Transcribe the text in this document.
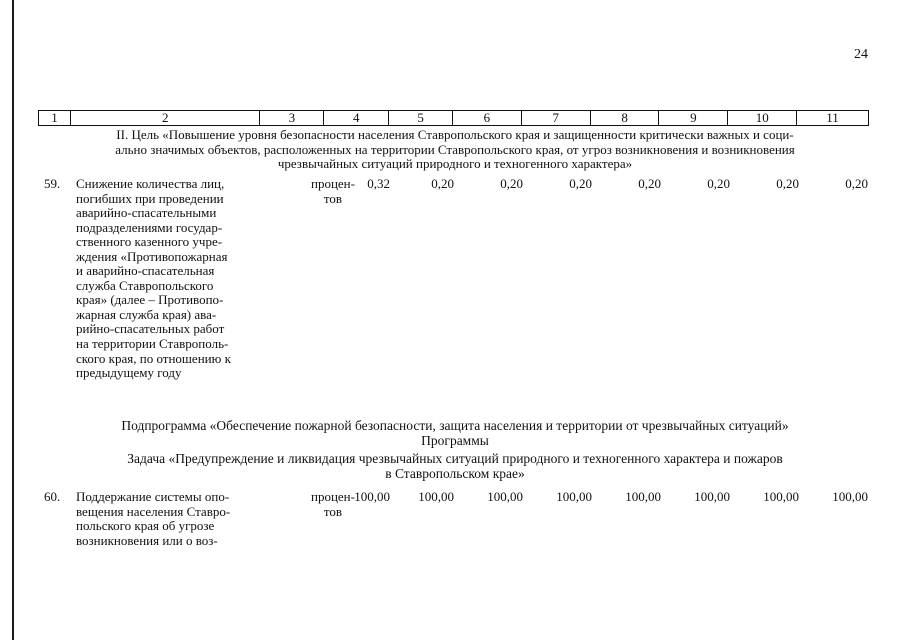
24
1	2	3	4	5	6	7	8	9	10	11
II. Цель «Повышение уровня безопасности населения Ставропольского края и защищенности критически важных и соци-
ально значимых объектов, расположенных на территории Ставропольского края, от угроз возникновения и возникновения
чрезвычайных ситуаций природного и техногенного характера»
59. Снижение количества лиц,
погибших при проведении
аварийно-спасательными
подразделениями государ-
ственного казенного учре-
ждения «Противопожарная
и аварийно-спасательная
служба Ставропольского
края» (далее – Противопо-
жарная служба края) ава-
рийно-спасательных работ
на территории Ставрополь-
ского края, по отношению к
предыдущему году
процен-
тов
0,32	0,20	0,20	0,20	0,20	0,20	0,20	0,20
Подпрограмма «Обеспечение пожарной безопасности, защита населения и территории от чрезвычайных ситуаций»
Программы
Задача «Предупреждение и ликвидация чрезвычайных ситуаций природного и техногенного характера и пожаров
в Ставропольском крае»
60. Поддержание системы опо-
вещения населения Ставро-
польского края об угрозе
возникновения или о воз-
процен-
тов
100,00	100,00	100,00	100,00	100,00	100,00	100,00	100,00
